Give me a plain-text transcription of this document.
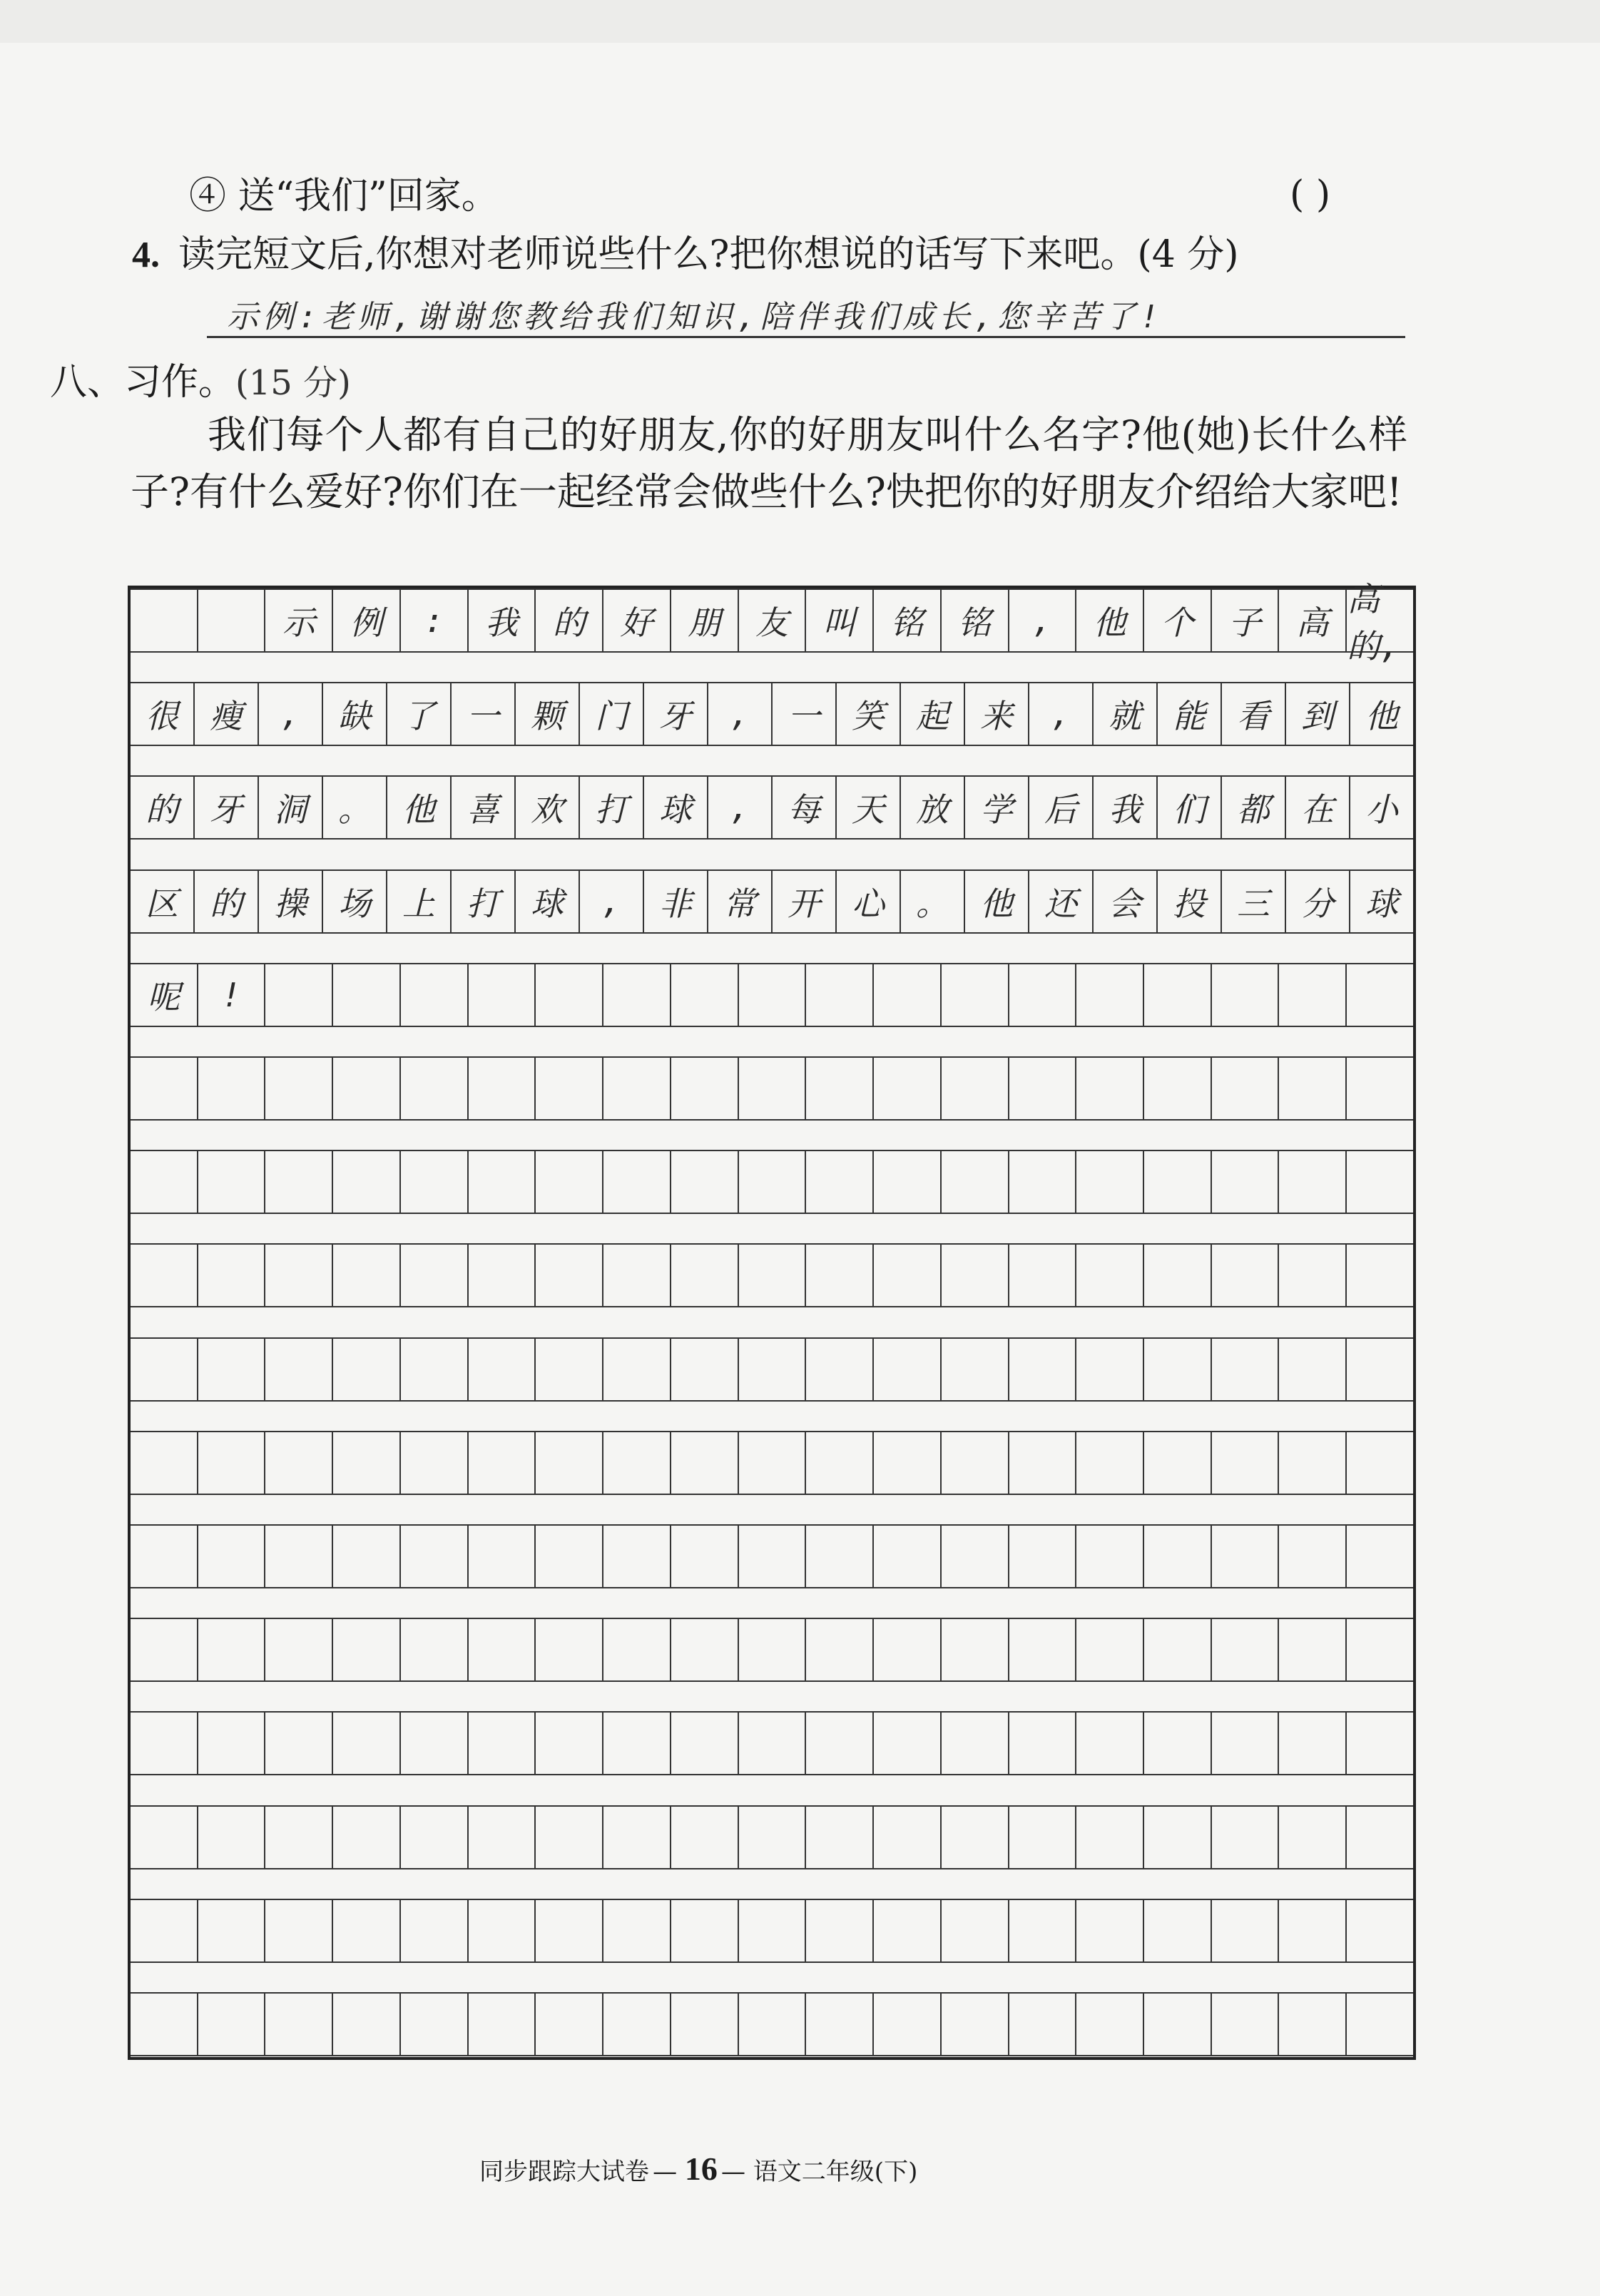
④ 送“我们”回家。	( )
4. 读完短文后,你想对老师说些什么?把你想说的话写下来吧。(4 分)
示例:老师,谢谢您教给我们知识,陪伴我们成长,您辛苦了!
八、习作。(15 分)
我们每个人都有自己的好朋友,你的好朋友叫什么名字?他(她)长什么样子?有什么爱好?你们在一起经常会做些什么?快把你的好朋友介绍给大家吧!
示	例	:	我	的	好	朋	友	叫	铭	铭	,	他	个	子	高
高的,
很 瘦	,	缺 了 一 颗 门 牙	,	一 笑 起 来	,	就 能 看 到 他
的 牙 洞 。 他 喜 欢 打 球	,	每 天 放 学 后 我 们 都 在 小
区 的 操 场 上 打 球	,	非 常 开 心 。 他 还 会 投 三 分 球
呢	!
同步跟踪大试卷 — 16 — 语文二年级(下)
